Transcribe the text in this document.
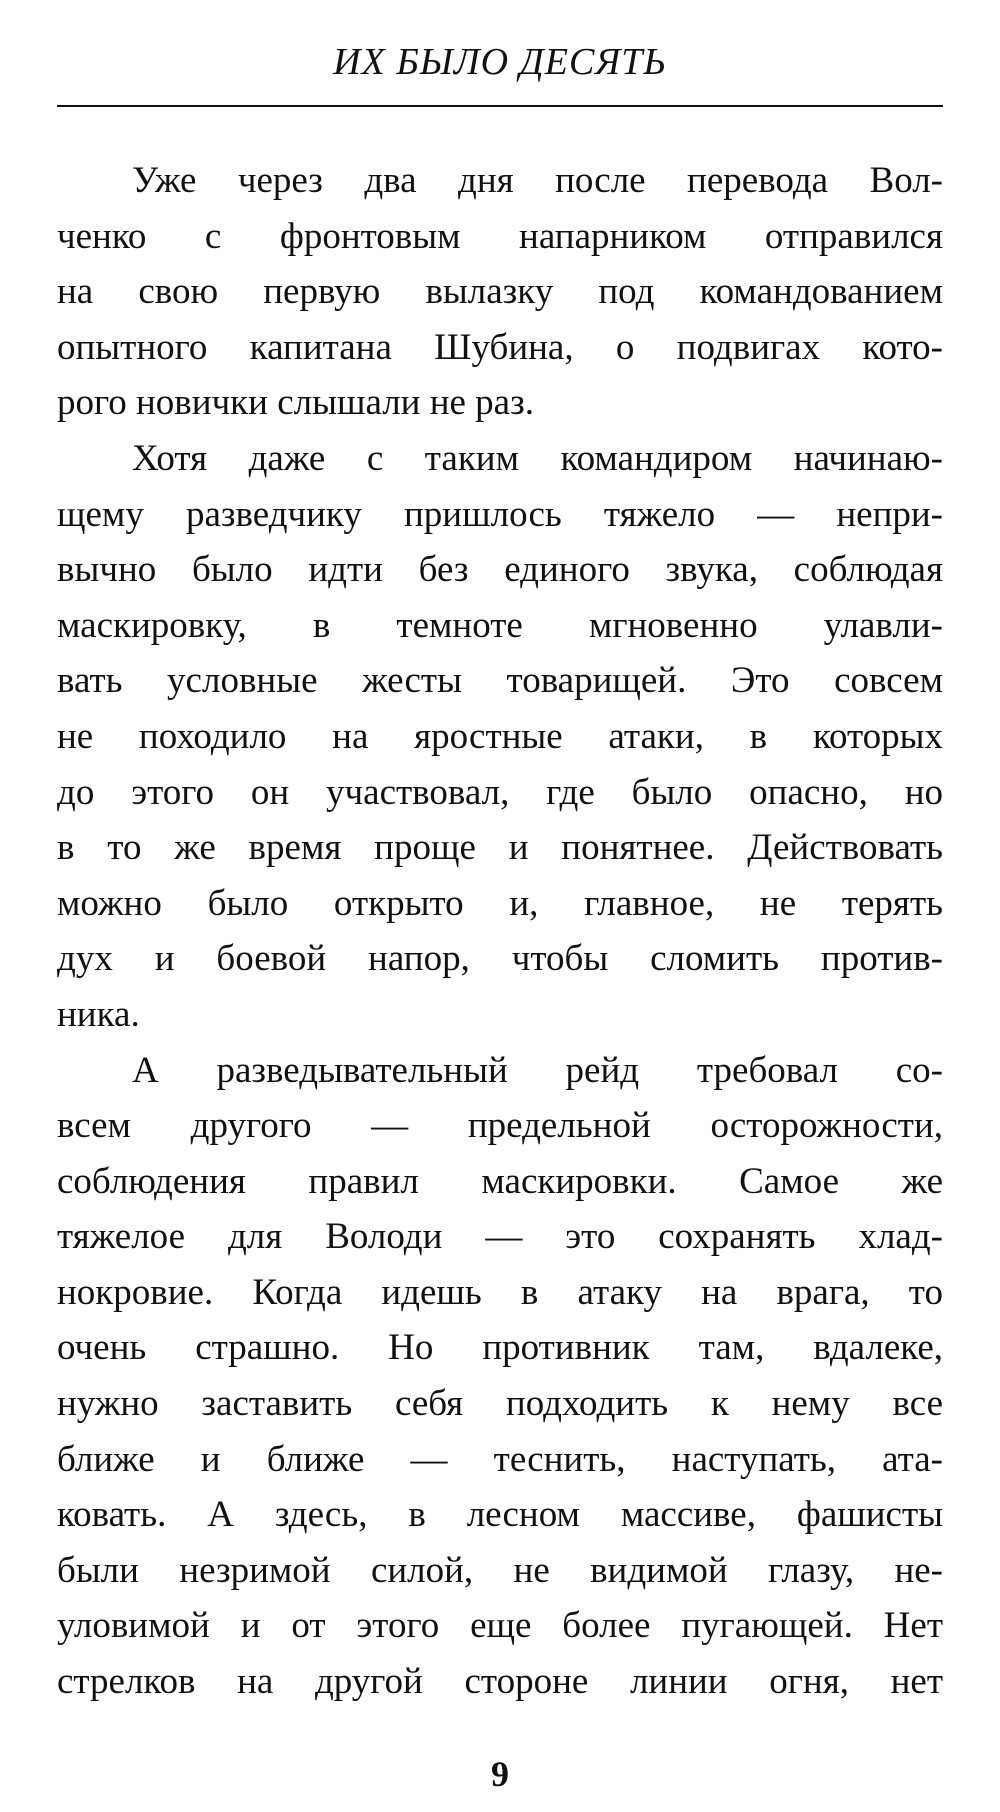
ИХ БЫЛО ДЕСЯТЬ
Уже через два дня после перевода Вол-
ченко с фронтовым напарником отправился
на свою первую вылазку под командованием
опытного капитана Шубина, о подвигах кото-
рого новички слышали не раз.
Хотя даже с таким командиром начинаю-
щему разведчику пришлось тяжело — непри-
вычно было идти без единого звука, соблюдая
маскировку, в темноте мгновенно улавли-
вать условные жесты товарищей. Это совсем
не походило на яростные атаки, в которых
до этого он участвовал, где было опасно, но
в то же время проще и понятнее. Действовать
можно было открыто и, главное, не терять
дух и боевой напор, чтобы сломить против-
ника.
А разведывательный рейд требовал со-
всем другого — предельной осторожности,
соблюдения правил маскировки. Самое же
тяжелое для Володи — это сохранять хлад-
нокровие. Когда идешь в атаку на врага, то
очень страшно. Но противник там, вдалеке,
нужно заставить себя подходить к нему все
ближе и ближе — теснить, наступать, ата-
ковать. А здесь, в лесном массиве, фашисты
были незримой силой, не видимой глазу, не-
уловимой и от этого еще более пугающей. Нет
стрелков на другой стороне линии огня, нет
9
